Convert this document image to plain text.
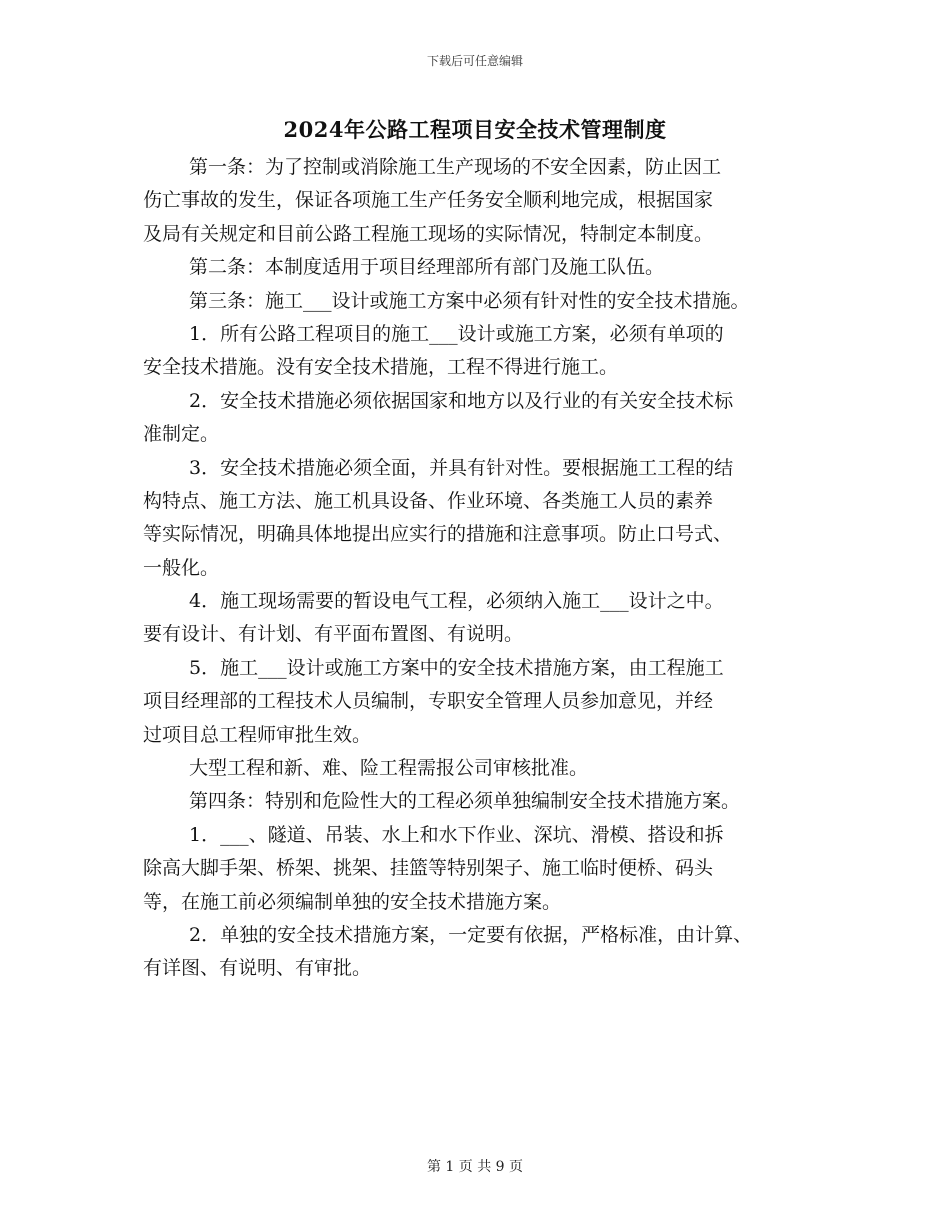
下载后可任意编辑
2024年公路工程项目安全技术管理制度

第一条：为了控制或消除施工生产现场的不安全因素，防止因工

伤亡事故的发生，保证各项施工生产任务安全顺利地完成，根据国家

及局有关规定和目前公路工程施工现场的实际情况，特制定本制度。

第二条：本制度适用于项目经理部所有部门及施工队伍。

第三条：施工___设计或施工方案中必须有针对性的安全技术措施。

1．所有公路工程项目的施工___设计或施工方案，必须有单项的

安全技术措施。没有安全技术措施，工程不得进行施工。

2．安全技术措施必须依据国家和地方以及行业的有关安全技术标

准制定。

3．安全技术措施必须全面，并具有针对性。要根据施工工程的结

构特点、施工方法、施工机具设备、作业环境、各类施工人员的素养

等实际情况，明确具体地提出应实行的措施和注意事项。防止口号式、

一般化。

4．施工现场需要的暂设电气工程，必须纳入施工___设计之中。

要有设计、有计划、有平面布置图、有说明。

5．施工___设计或施工方案中的安全技术措施方案，由工程施工

项目经理部的工程技术人员编制，专职安全管理人员参加意见，并经

过项目总工程师审批生效。

大型工程和新、难、险工程需报公司审核批准。

第四条：特别和危险性大的工程必须单独编制安全技术措施方案。

1．___、隧道、吊装、水上和水下作业、深坑、滑模、搭设和拆

除高大脚手架、桥架、挑架、挂篮等特别架子、施工临时便桥、码头

等，在施工前必须编制单独的安全技术措施方案。

2．单独的安全技术措施方案，一定要有依据，严格标准，由计算、

有详图、有说明、有审批。

第 1 页 共 9 页
